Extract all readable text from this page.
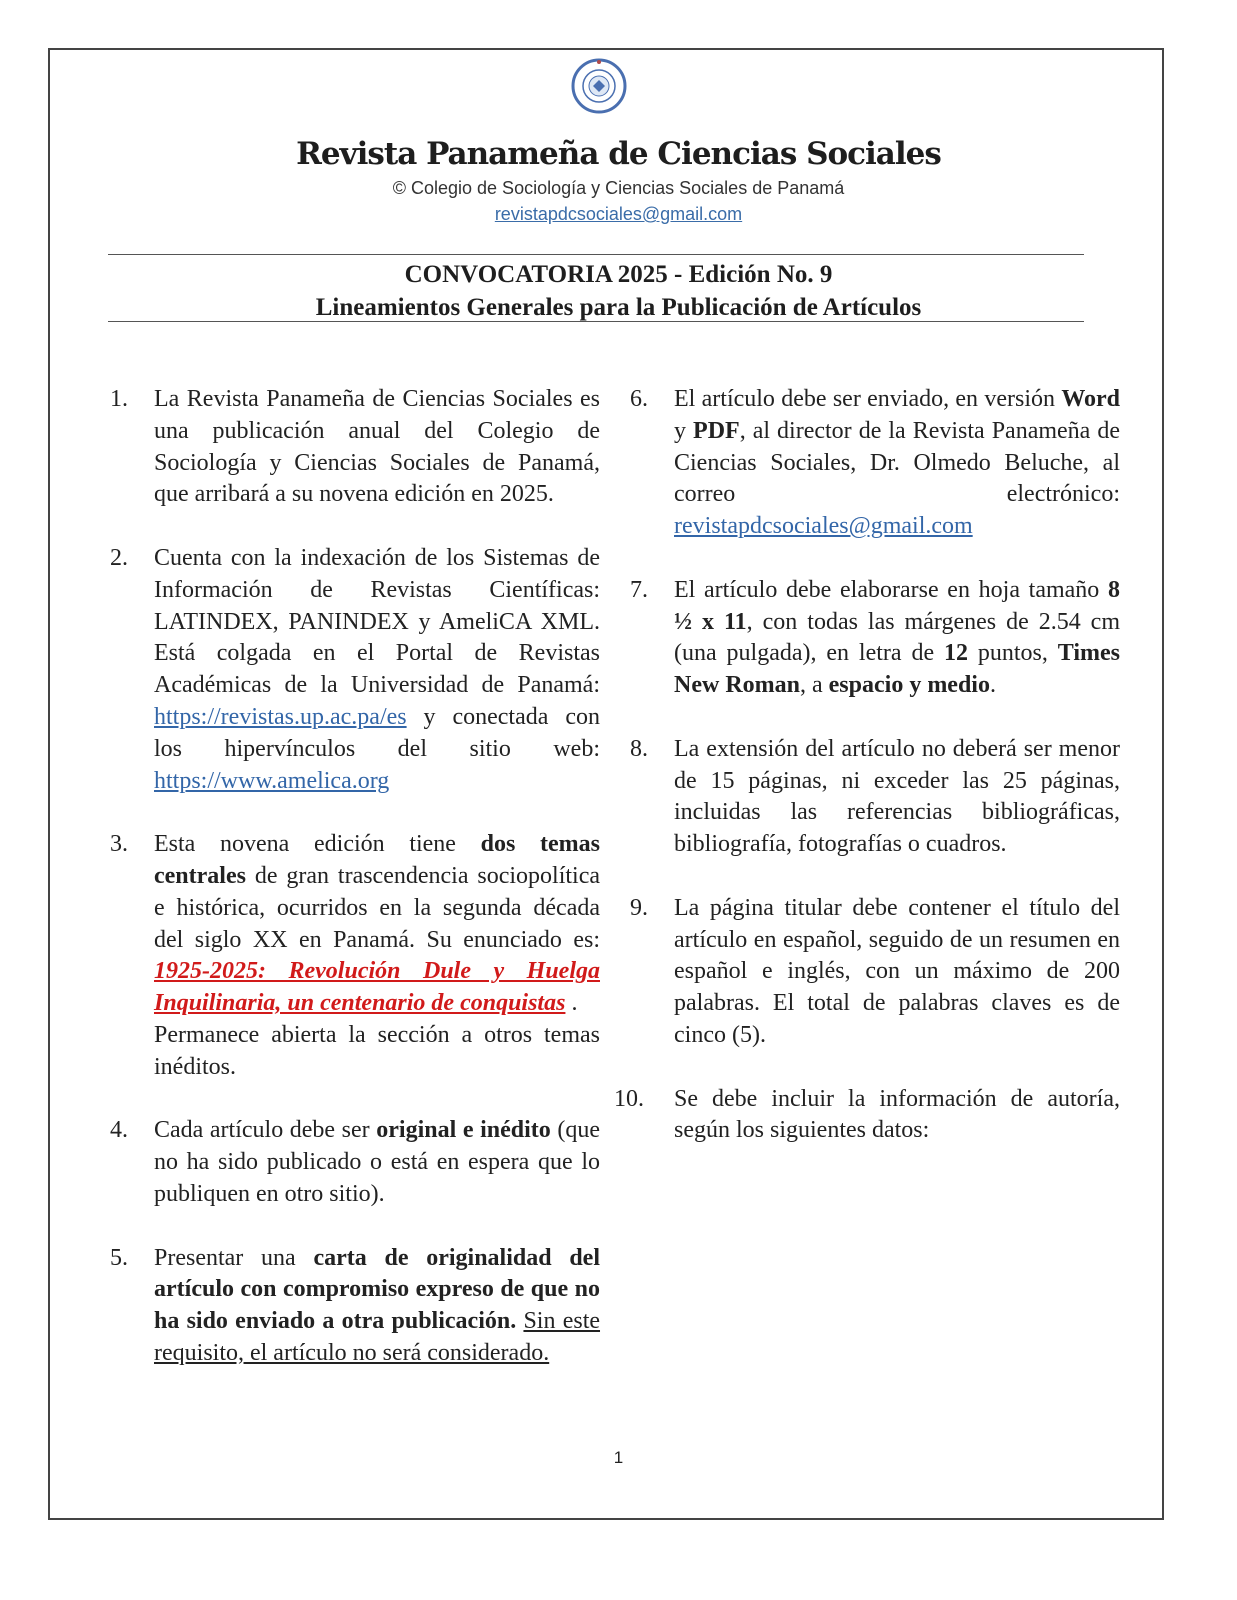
Revista Panameña de Ciencias Sociales
© Colegio de Sociología y Ciencias Sociales de Panamá
revistapdcsociales@gmail.com
CONVOCATORIA 2025 - Edición No. 9
Lineamientos Generales para la Publicación de Artículos
1. La Revista Panameña de Ciencias Sociales es una publicación anual del Colegio de Sociología y Ciencias Sociales de Panamá, que arribará a su novena edición en 2025.
2. Cuenta con la indexación de los Sistemas de Información de Revistas Científicas: LATINDEX, PANINDEX y AmeliCA XML. Está colgada en el Portal de Revistas Académicas de la Universidad de Panamá: https://revistas.up.ac.pa/es y conectada con los hipervínculos del sitio web: https://www.amelica.org
3. Esta novena edición tiene dos temas centrales de gran trascendencia sociopolítica e histórica, ocurridos en la segunda década del siglo XX en Panamá. Su enunciado es: 1925-2025: Revolución Dule y Huelga Inquilinaria, un centenario de conquistas .
Permanece abierta la sección a otros temas inéditos.
4. Cada artículo debe ser original e inédito (que no ha sido publicado o está en espera que lo publiquen en otro sitio).
5. Presentar una carta de originalidad del artículo con compromiso expreso de que no ha sido enviado a otra publicación. Sin este requisito, el artículo no será considerado.
6. El artículo debe ser enviado, en versión Word y PDF, al director de la Revista Panameña de Ciencias Sociales, Dr. Olmedo Beluche, al correo electrónico: revistapdcsociales@gmail.com
7. El artículo debe elaborarse en hoja tamaño 8 ½ x 11, con todas las márgenes de 2.54 cm (una pulgada), en letra de 12 puntos, Times New Roman, a espacio y medio.
8. La extensión del artículo no deberá ser menor de 15 páginas, ni exceder las 25 páginas, incluidas las referencias bibliográficas, bibliografía, fotografías o cuadros.
9. La página titular debe contener el título del artículo en español, seguido de un resumen en español e inglés, con un máximo de 200 palabras. El total de palabras claves es de cinco (5).
10. Se debe incluir la información de autoría, según los siguientes datos:
1
